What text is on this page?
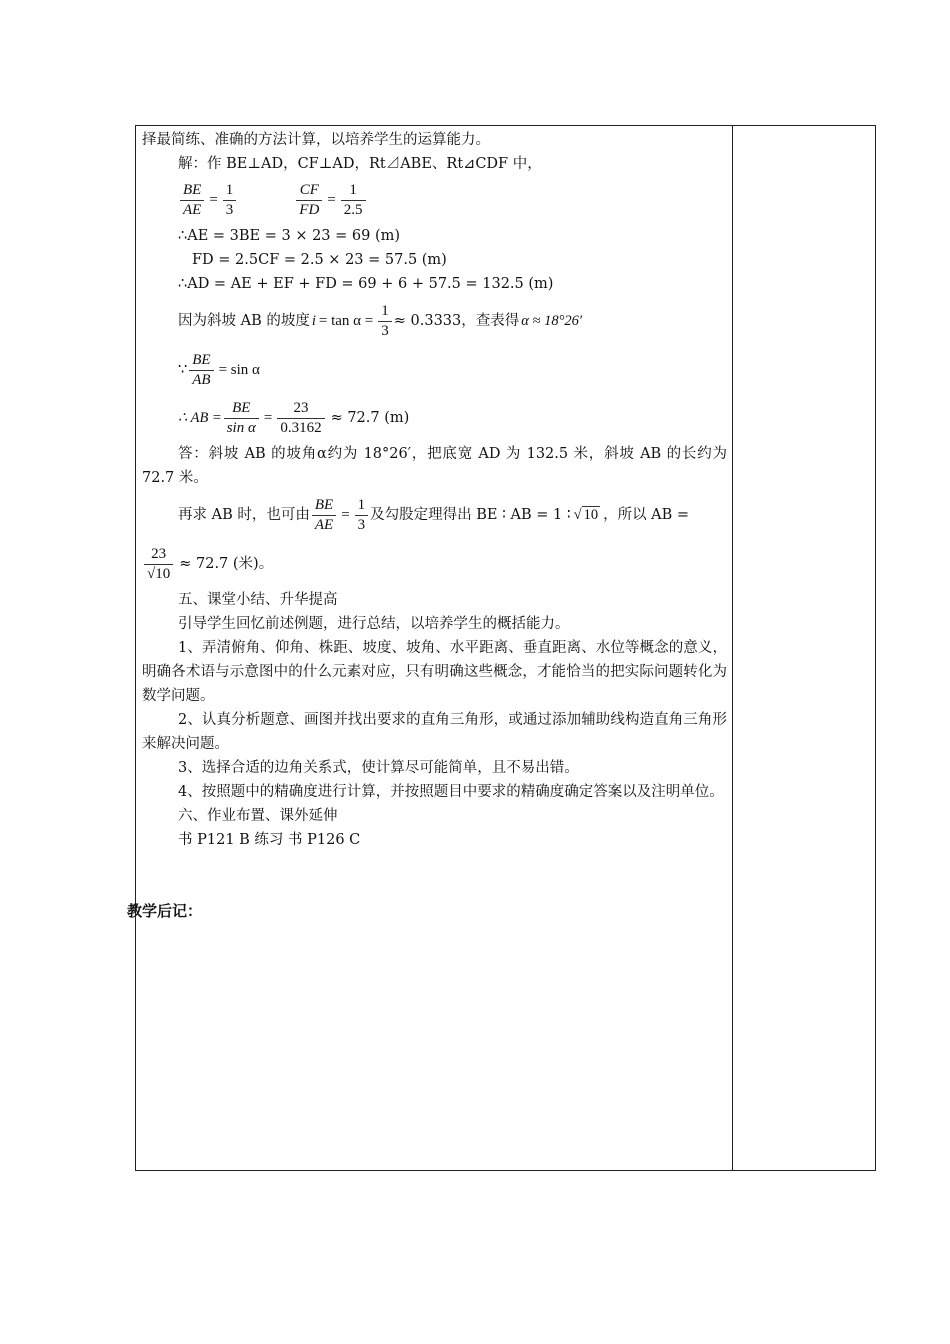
择最简练、准确的方法计算，以培养学生的运算能力。
解：作 BE⊥AD，CF⊥AD，Rt⊿ABE、Rt⊿CDF 中，
$\frac{BE}{AE} = \frac{1}{3}$	$\frac{CF}{FD} = \frac{1}{2.5}$
∴AE = 3BE = 3 × 23 = 69 (m)
FD = 2.5CF = 2.5 × 23 = 57.5 (m)
∴AD = AE + EF + FD = 69 + 6 + 57.5 = 132.5 (m)
因为斜坡 AB 的坡度 $i = \tan \alpha = \frac{1}{3} \approx 0.3333$，查表得 α ≈ 18°26′
∵ $\frac{BE}{AB} = \sin \alpha$
∴ AB = $\frac{BE}{\text{sin α}} = \frac{23}{0.3162} \approx 72.7$ (m)
答：斜坡 AB 的坡角α约为 18°26′，把底宽 AD 为 132.5 米，斜坡 AB 的长约为 72.7 米。
再求 AB 时，也可由 $\frac{BE}{AE} = \frac{1}{3}$ 及勾股定理得出 BE ∶ AB = 1 ∶ √ 10 ，所以 AB =
$\frac{23}{√10} \approx 72.7$ (米)。
五、课堂小结、升华提高
引导学生回忆前述例题，进行总结，以培养学生的概括能力。
1、弄清俯角、仰角、株距、坡度、坡角、水平距离、垂直距离、水位等概念的意义，明确各术语与示意图中的什么元素对应，只有明确这些概念，才能恰当的把实际问题转化为数学问题。
2、认真分析题意、画图并找出要求的直角三角形，或通过添加辅助线构造直角三角形来解决问题。
3、选择合适的边角关系式，使计算尽可能简单，且不易出错。
4、按照题中的精确度进行计算，并按照题目中要求的精确度确定答案以及注明单位。
六、作业布置、课外延伸
书 P121 B 练习 书 P126 C
教学后记：
